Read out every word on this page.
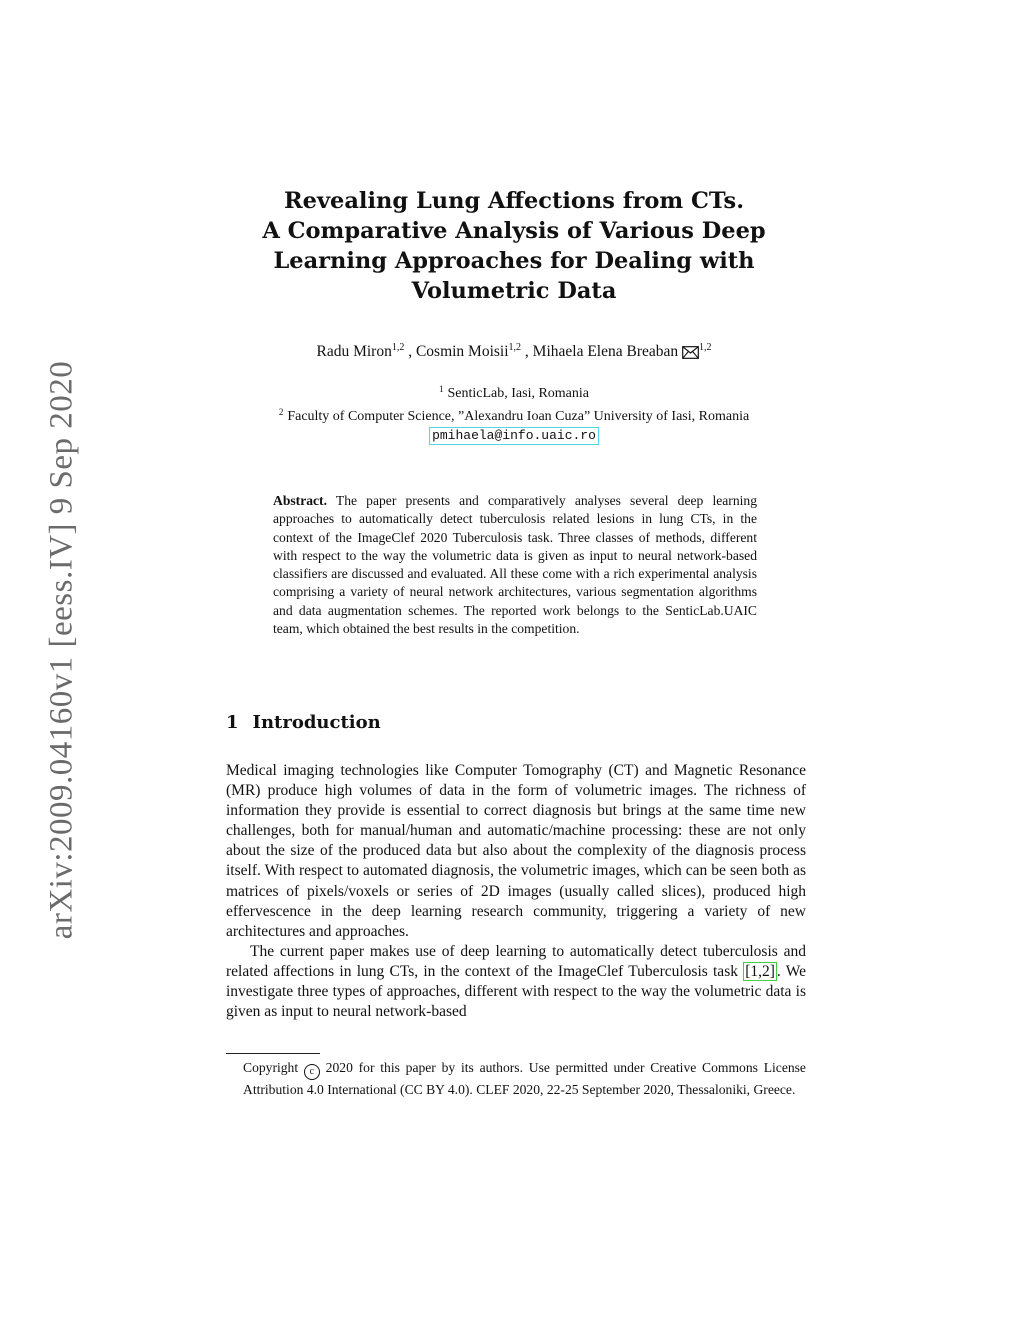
arXiv:2009.04160v1 [eess.IV] 9 Sep 2020
Revealing Lung Affections from CTs.
A Comparative Analysis of Various Deep
Learning Approaches for Dealing with
Volumetric Data
Radu Miron$^{1,2}$ , Cosmin Moisii$^{1,2}$ , Mihaela Elena Breaban $^{1,2}$
$^1$ SenticLab, Iasi, Romania
$^2$ Faculty of Computer Science, ”Alexandru Ioan Cuza” University of Iasi, Romania
pmihaela@info.uaic.ro

Abstract. The paper presents and comparatively analyses several deep learning approaches to automatically detect tuberculosis related lesions in lung CTs, in the context of the ImageClef 2020 Tuberculosis task. Three classes of methods, different with respect to the way the volumetric data is given as input to neural network-based classifiers are discussed and evaluated. All these come with a rich experimental analysis comprising a variety of neural network architectures, various segmentation algorithms and data augmentation schemes. The reported work belongs to the SenticLab.UAIC team, which obtained the best results in the competition.

1 Introduction

Medical imaging technologies like Computer Tomography (CT) and Magnetic Resonance (MR) produce high volumes of data in the form of volumetric images. The richness of information they provide is essential to correct diagnosis but brings at the same time new challenges, both for manual/human and automatic/machine processing: these are not only about the size of the produced data but also about the complexity of the diagnosis process itself. With respect to automated diagnosis, the volumetric images, which can be seen both as matrices of pixels/voxels or series of 2D images (usually called slices), produced high effervescence in the deep learning research community, triggering a variety of new architectures and approaches.

The current paper makes use of deep learning to automatically detect tuberculosis and related affections in lung CTs, in the context of the ImageClef Tuberculosis task [1,2] . We investigate three types of approaches, different with respect to the way the volumetric data is given as input to neural network-based

Copyright c 2020 for this paper by its authors. Use permitted under Creative Commons License Attribution 4.0 International (CC BY 4.0). CLEF 2020, 22-25 September 2020, Thessaloniki, Greece.
